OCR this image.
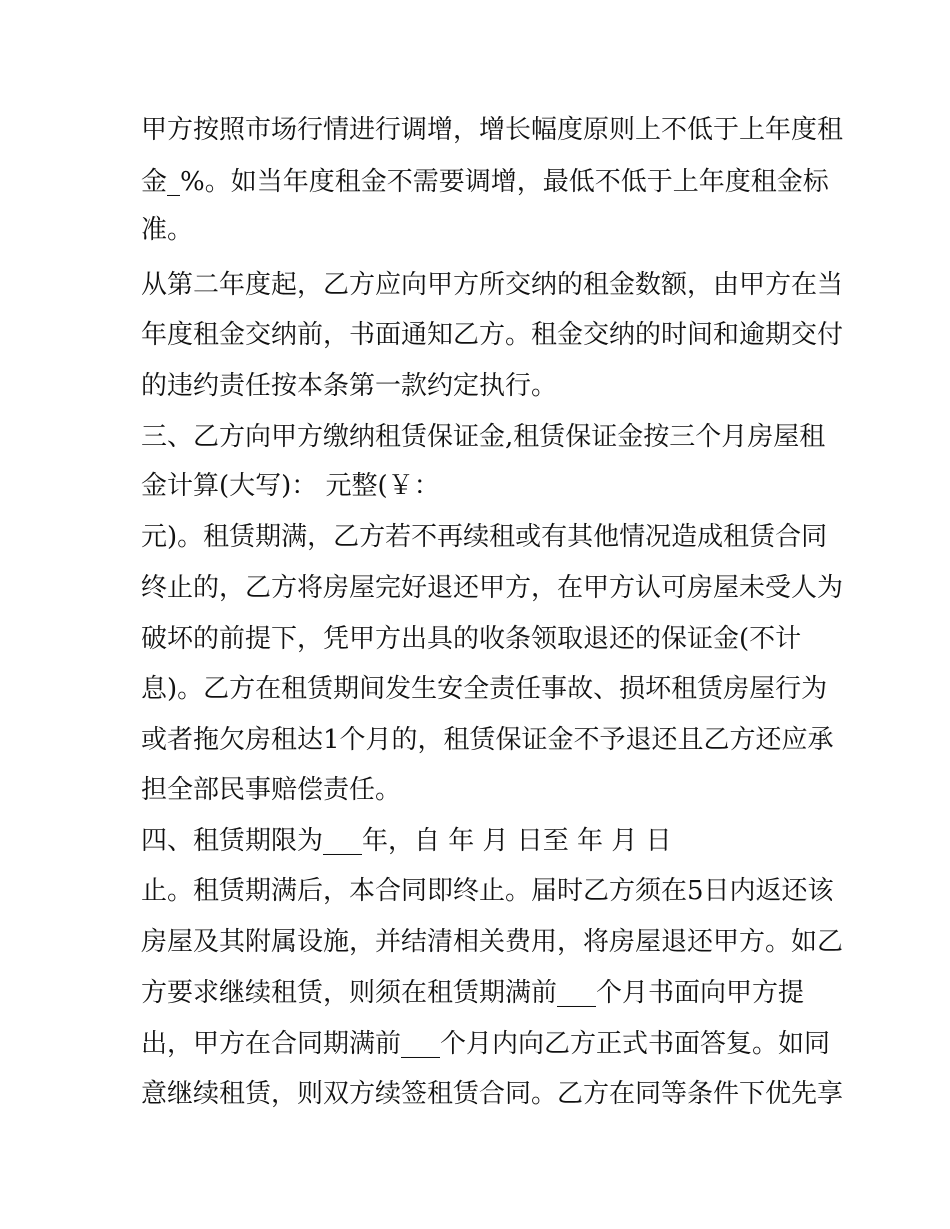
甲方按照市场行情进行调增，增长幅度原则上不低于上年度租
金_%。如当年度租金不需要调增，最低不低于上年度租金标
准。
从第二年度起，乙方应向甲方所交纳的租金数额，由甲方在当
年度租金交纳前，书面通知乙方。租金交纳的时间和逾期交付
的违约责任按本条第一款约定执行。
三、乙方向甲方缴纳租赁保证金,租赁保证金按三个月房屋租
金计算(大写)： 元整(￥：
元)。租赁期满，乙方若不再续租或有其他情况造成租赁合同
终止的，乙方将房屋完好退还甲方，在甲方认可房屋未受人为
破坏的前提下，凭甲方出具的收条领取退还的保证金(不计
息)。乙方在租赁期间发生安全责任事故、损坏租赁房屋行为
或者拖欠房租达1个月的，租赁保证金不予退还且乙方还应承
担全部民事赔偿责任。
四、租赁期限为___年，自 年 月 日至 年 月 日
止。租赁期满后，本合同即终止。届时乙方须在5日内返还该
房屋及其附属设施，并结清相关费用，将房屋退还甲方。如乙
方要求继续租赁，则须在租赁期满前___个月书面向甲方提
出，甲方在合同期满前___个月内向乙方正式书面答复。如同
意继续租赁，则双方续签租赁合同。乙方在同等条件下优先享
